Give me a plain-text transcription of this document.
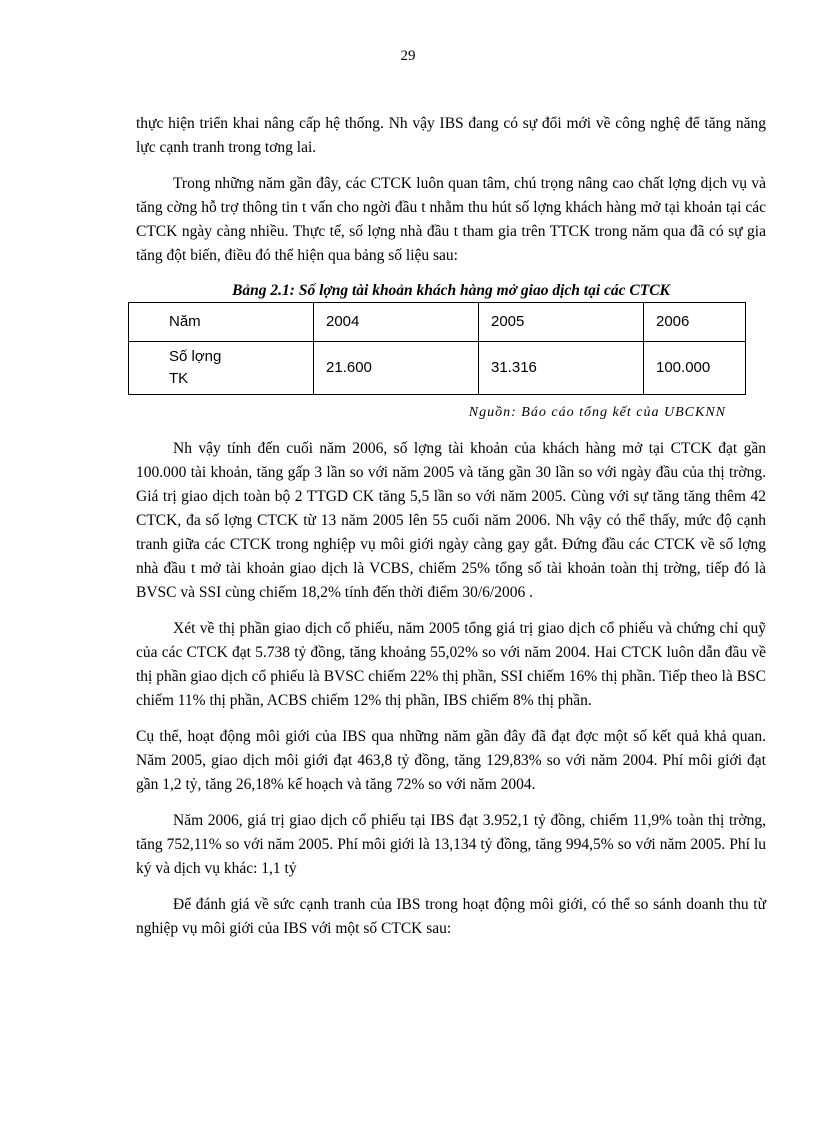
29

thực hiện triển khai nâng cấp hệ thống. Nh vậy IBS đang có sự đổi mới về công nghệ để tăng năng lực cạnh tranh trong tơng lai.

Trong những năm gần đây, các CTCK luôn quan tâm, chú trọng nâng cao chất lợng dịch vụ và tăng cờng hỗ trợ thông tin t vấn cho ngời đầu t nhằm thu hút số lợng khách hàng mở tại khoản tại các CTCK ngày càng nhiều. Thực tế, số lợng nhà đầu t tham gia trên TTCK trong năm qua đã có sự gia tăng đột biến, điều đó thể hiện qua bảng số liệu sau:

Bảng 2.1: Số lợng tài khoản khách hàng mở giao dịch tại các CTCK

Năm	2004	2005	2006

Số lợng
TK	21.600	31.316	100.000

Nguồn: Báo cáo tổng kết của UBCKNN

Nh vậy tính đến cuối năm 2006, số lợng tài khoản của khách hàng mở tại CTCK đạt gần 100.000 tài khoản, tăng gấp 3 lần so với năm 2005 và tăng gần 30 lần so với ngày đầu của thị trờng. Giá trị giao dịch toàn bộ 2 TTGD CK tăng 5,5 lần so với năm 2005. Cùng với sự tăng tăng thêm 42 CTCK, đa số lợng CTCK từ 13 năm 2005 lên 55 cuối năm 2006. Nh vậy có thể thấy, mức độ cạnh tranh giữa các CTCK trong nghiệp vụ môi giới ngày càng gay gắt. Đứng đầu các CTCK về số lợng nhà đầu t mở tài khoản giao dịch là VCBS, chiếm 25% tổng số tài khoản toàn thị trờng, tiếp đó là BVSC và SSI cùng chiếm 18,2% tính đến thời điểm 30/6/2006 .

Xét về thị phần giao dịch cổ phiếu, năm 2005 tổng giá trị giao dịch cổ phiếu và chứng chỉ quỹ của các CTCK đạt 5.738 tỷ đồng, tăng khoảng 55,02% so với năm 2004. Hai CTCK luôn dẫn đầu về thị phần giao dịch cổ phiếu là BVSC chiếm 22% thị phần, SSI chiếm 16% thị phần. Tiếp theo là BSC chiếm 11% thị phần, ACBS chiếm 12% thị phần, IBS chiếm 8% thị phần.

Cụ thể, hoạt động môi giới của IBS qua những năm gần đây đã đạt đợc một số kết quả khả quan. Năm 2005, giao dịch môi giới đạt 463,8 tỷ đồng, tăng 129,83% so với năm 2004. Phí môi giới đạt gần 1,2 tỷ, tăng 26,18% kế hoạch và tăng 72% so với năm 2004.

Năm 2006, giá trị giao dịch cổ phiếu tại IBS đạt 3.952,1 tỷ đồng, chiếm 11,9% toàn thị trờng, tăng 752,11% so với năm 2005. Phí môi giới là 13,134 tỷ đồng, tăng 994,5% so với năm 2005. Phí lu ký và dịch vụ khác: 1,1 tỷ

Để đánh giá về sức cạnh tranh của IBS trong hoạt động môi giới, có thể so sánh doanh thu từ nghiệp vụ môi giới của IBS với một số CTCK sau:
